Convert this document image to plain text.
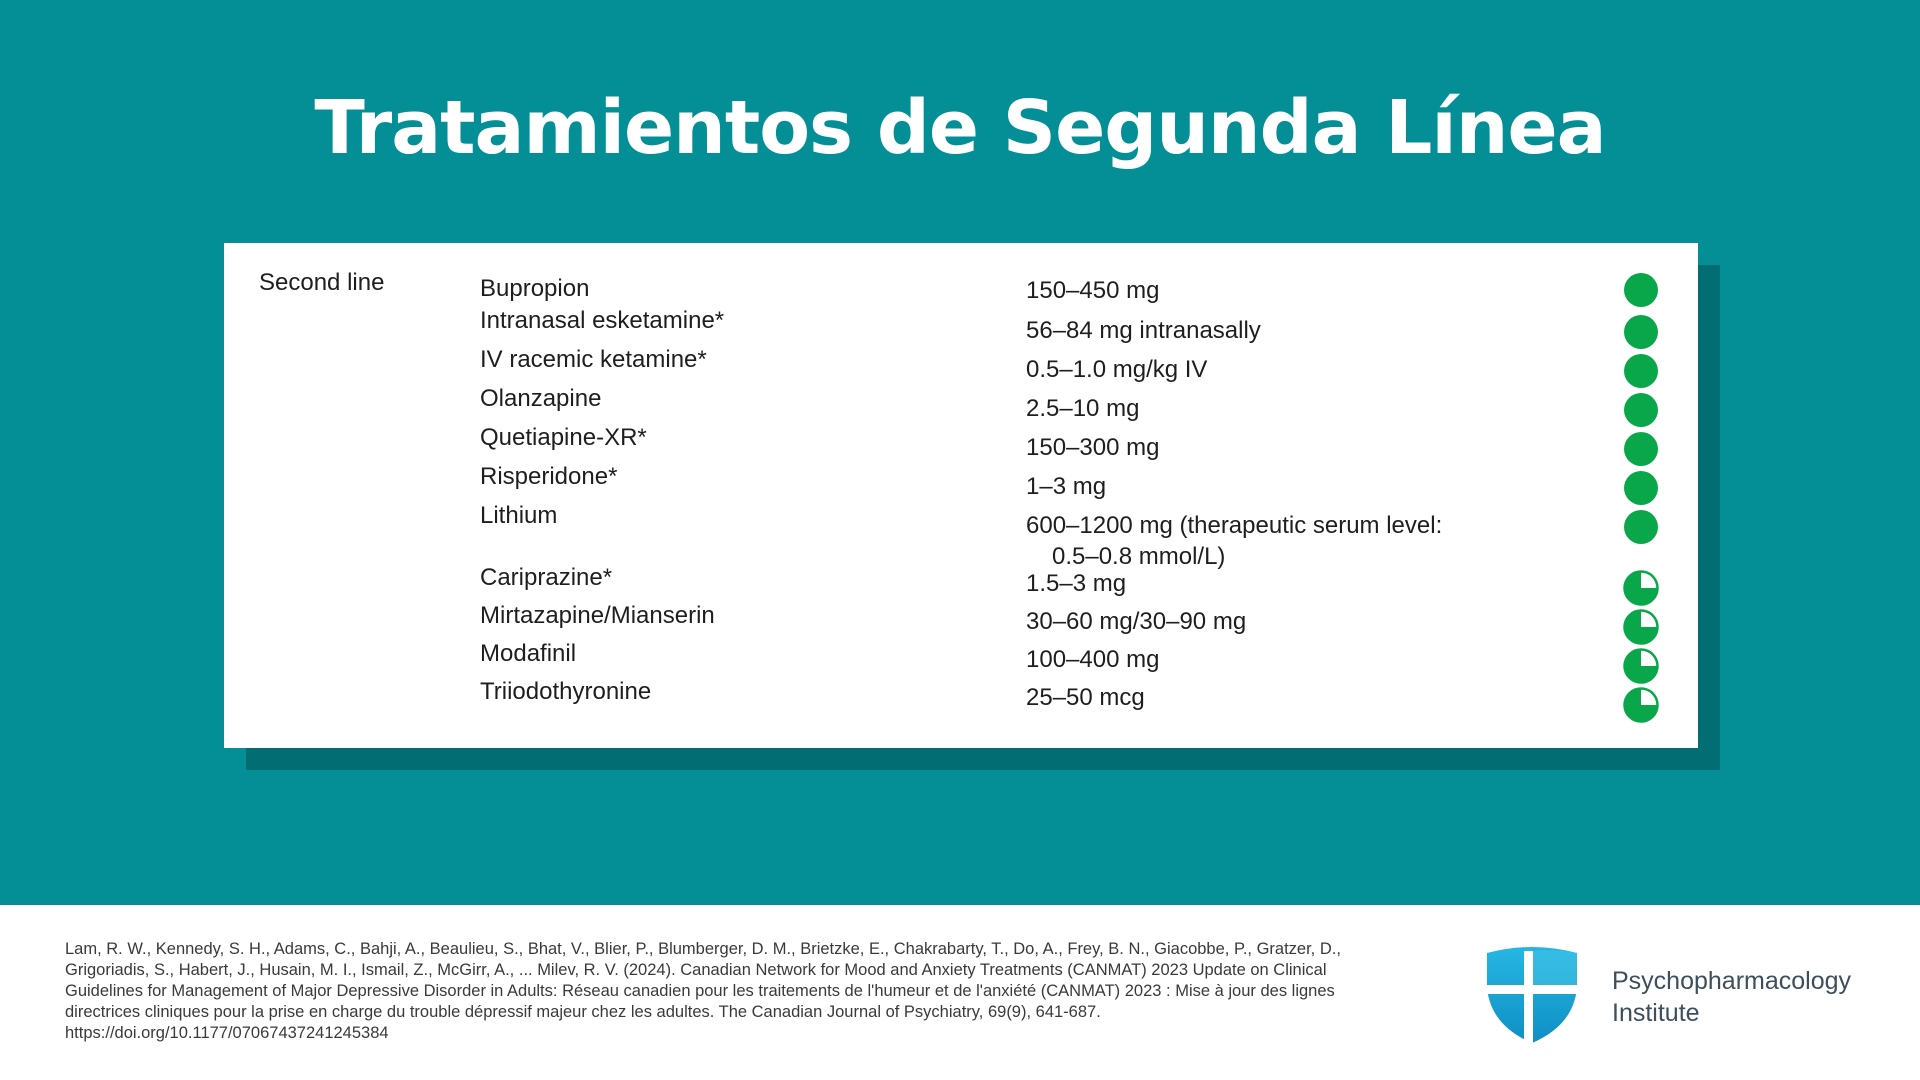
Tratamientos de Segunda Línea
Second line	Bupropion	150–450 mg
Intranasal esketamine*	56–84 mg intranasally
IV racemic ketamine*	0.5–1.0 mg/kg IV
Olanzapine	2.5–10 mg
Quetiapine-XR*	150–300 mg
Risperidone*	1–3 mg
Lithium	600–1200 mg (therapeutic serum level:
0.5–0.8 mmol/L)
Cariprazine*	1.5–3 mg
Mirtazapine/Mianserin	30–60 mg/30–90 mg
Modafinil	100–400 mg
Triiodothyronine	25–50 mcg
Lam, R. W., Kennedy, S. H., Adams, C., Bahji, A., Beaulieu, S., Bhat, V., Blier, P., Blumberger, D. M., Brietzke, E., Chakrabarty, T., Do, A., Frey, B. N., Giacobbe, P., Gratzer, D., Grigoriadis, S., Habert, J., Husain, M. I., Ismail, Z., McGirr, A., ... Milev, R. V. (2024). Canadian Network for Mood and Anxiety Treatments (CANMAT) 2023 Update on Clinical Guidelines for Management of Major Depressive Disorder in Adults: Réseau canadien pour les traitements de l'humeur et de l'anxiété (CANMAT) 2023 : Mise à jour des lignes directrices cliniques pour la prise en charge du trouble dépressif majeur chez les adultes. The Canadian Journal of Psychiatry, 69(9), 641-687. https://doi.org/10.1177/07067437241245384
Psychopharmacology
Institute
